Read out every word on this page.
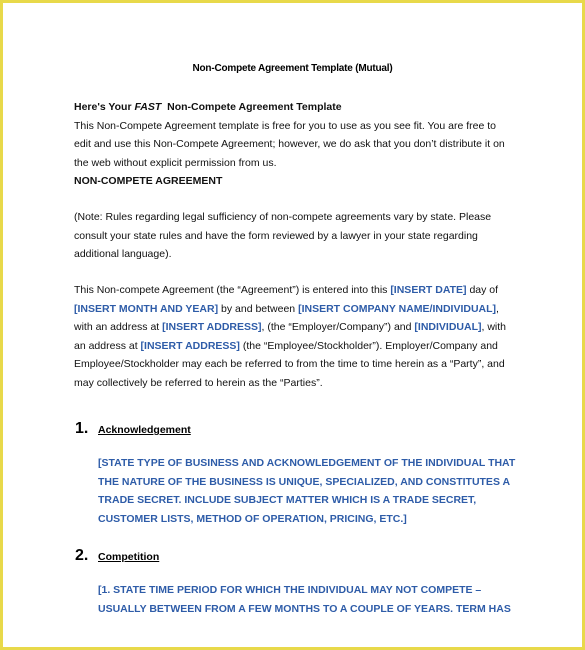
Non-Compete Agreement Template (Mutual)
Here's Your FAST  Non-Compete Agreement Template
This Non-Compete Agreement template is free for you to use as you see fit. You are free to
edit and use this Non-Compete Agreement; however, we do ask that you don’t distribute it on
the web without explicit permission from us.
NON-COMPETE AGREEMENT
(Note: Rules regarding legal sufficiency of non-compete agreements vary by state. Please
consult your state rules and have the form reviewed by a lawyer in your state regarding
additional language).
This Non-compete Agreement (the “Agreement”) is entered into this [INSERT DATE] day of
[INSERT MONTH AND YEAR] by and between [INSERT COMPANY NAME/INDIVIDUAL],
with an address at [INSERT ADDRESS], (the “Employer/Company”) and [INDIVIDUAL], with
an address at [INSERT ADDRESS] (the “Employee/Stockholder”). Employer/Company and
Employee/Stockholder may each be referred to from the time to time herein as a “Party”, and
may collectively be referred to herein as the “Parties”.
1. Acknowledgement
[STATE TYPE OF BUSINESS AND ACKNOWLEDGEMENT OF THE INDIVIDUAL THAT
THE NATURE OF THE BUSINESS IS UNIQUE, SPECIALIZED, AND CONSTITUTES A
TRADE SECRET. INCLUDE SUBJECT MATTER WHICH IS A TRADE SECRET,
CUSTOMER LISTS, METHOD OF OPERATION, PRICING, ETC.]
2. Competition
[1. STATE TIME PERIOD FOR WHICH THE INDIVIDUAL MAY NOT COMPETE –
USUALLY BETWEEN FROM A FEW MONTHS TO A COUPLE OF YEARS. TERM HAS
